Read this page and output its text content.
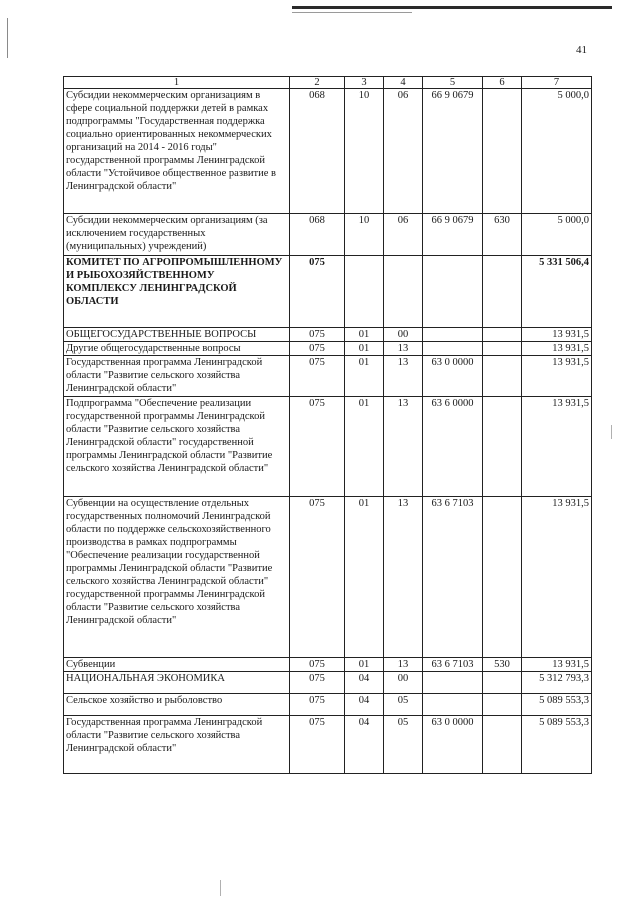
41
1	2	3	4	5	6	7
Субсидии некоммерческим организациям в сфере социальной поддержки детей в рамках подпрограммы "Государственная поддержка социально ориентированных некоммерческих организаций на 2014 - 2016 годы" государственной программы Ленинградской области "Устойчивое общественное развитие в Ленинградской области"	068	10	06	66 9 0679		5 000,0
Субсидии некоммерческим организациям (за исключением государственных (муниципальных) учреждений)	068	10	06	66 9 0679	630	5 000,0
КОМИТЕТ ПО АГРОПРОМЫШЛЕННОМУ И РЫБОХОЗЯЙСТВЕННОМУ КОМПЛЕКСУ ЛЕНИНГРАДСКОЙ ОБЛАСТИ	075					5 331 506,4
ОБЩЕГОСУДАРСТВЕННЫЕ ВОПРОСЫ	075	01	00			13 931,5
Другие общегосударственные вопросы	075	01	13			13 931,5
Государственная программа Ленинградской области "Развитие сельского хозяйства Ленинградской области"	075	01	13	63 0 0000		13 931,5
Подпрограмма "Обеспечение реализации государственной программы Ленинградской области "Развитие сельского хозяйства Ленинградской области" государственной программы Ленинградской области "Развитие сельского хозяйства Ленинградской области"	075	01	13	63 6 0000		13 931,5
Субвенции на осуществление отдельных государственных полномочий Ленинградской области по поддержке сельскохозяйственного производства в рамках подпрограммы "Обеспечение реализации государственной программы Ленинградской области "Развитие сельского хозяйства Ленинградской области" государственной программы Ленинградской области "Развитие сельского хозяйства Ленинградской области"	075	01	13	63 6 7103		13 931,5
Субвенции	075	01	13	63 6 7103	530	13 931,5
НАЦИОНАЛЬНАЯ ЭКОНОМИКА	075	04	00			5 312 793,3
Сельское хозяйство и рыболовство	075	04	05			5 089 553,3
Государственная программа Ленинградской области "Развитие сельского хозяйства Ленинградской области"	075	04	05	63 0 0000		5 089 553,3
